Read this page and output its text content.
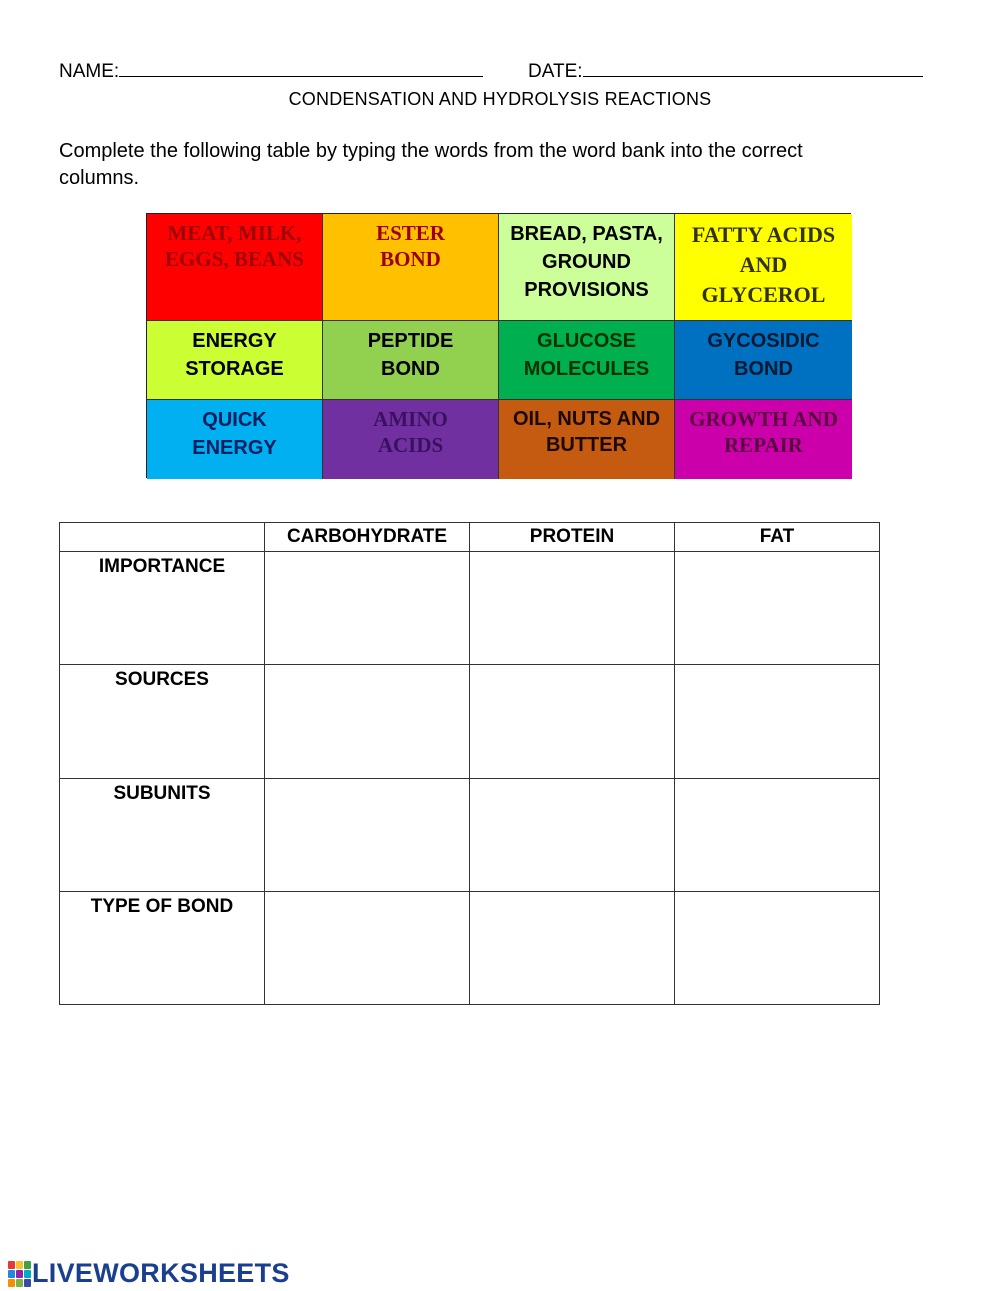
NAME:	DATE:
CONDENSATION AND HYDROLYSIS REACTIONS
Complete the following table by typing the words from the word bank into the correct
columns.
MEAT, MILK, EGGS, BEANS
ESTER BOND
BREAD, PASTA, GROUND PROVISIONS
FATTY ACIDS AND GLYCEROL
ENERGY STORAGE
PEPTIDE BOND
GLUCOSE MOLECULES
GYCOSIDIC BOND
QUICK ENERGY
AMINO ACIDS
OIL, NUTS AND BUTTER
GROWTH AND REPAIR
	CARBOHYDRATE	PROTEIN	FAT
IMPORTANCE			
SOURCES			
SUBUNITS			
TYPE OF BOND			
LIVEWORKSHEETS
